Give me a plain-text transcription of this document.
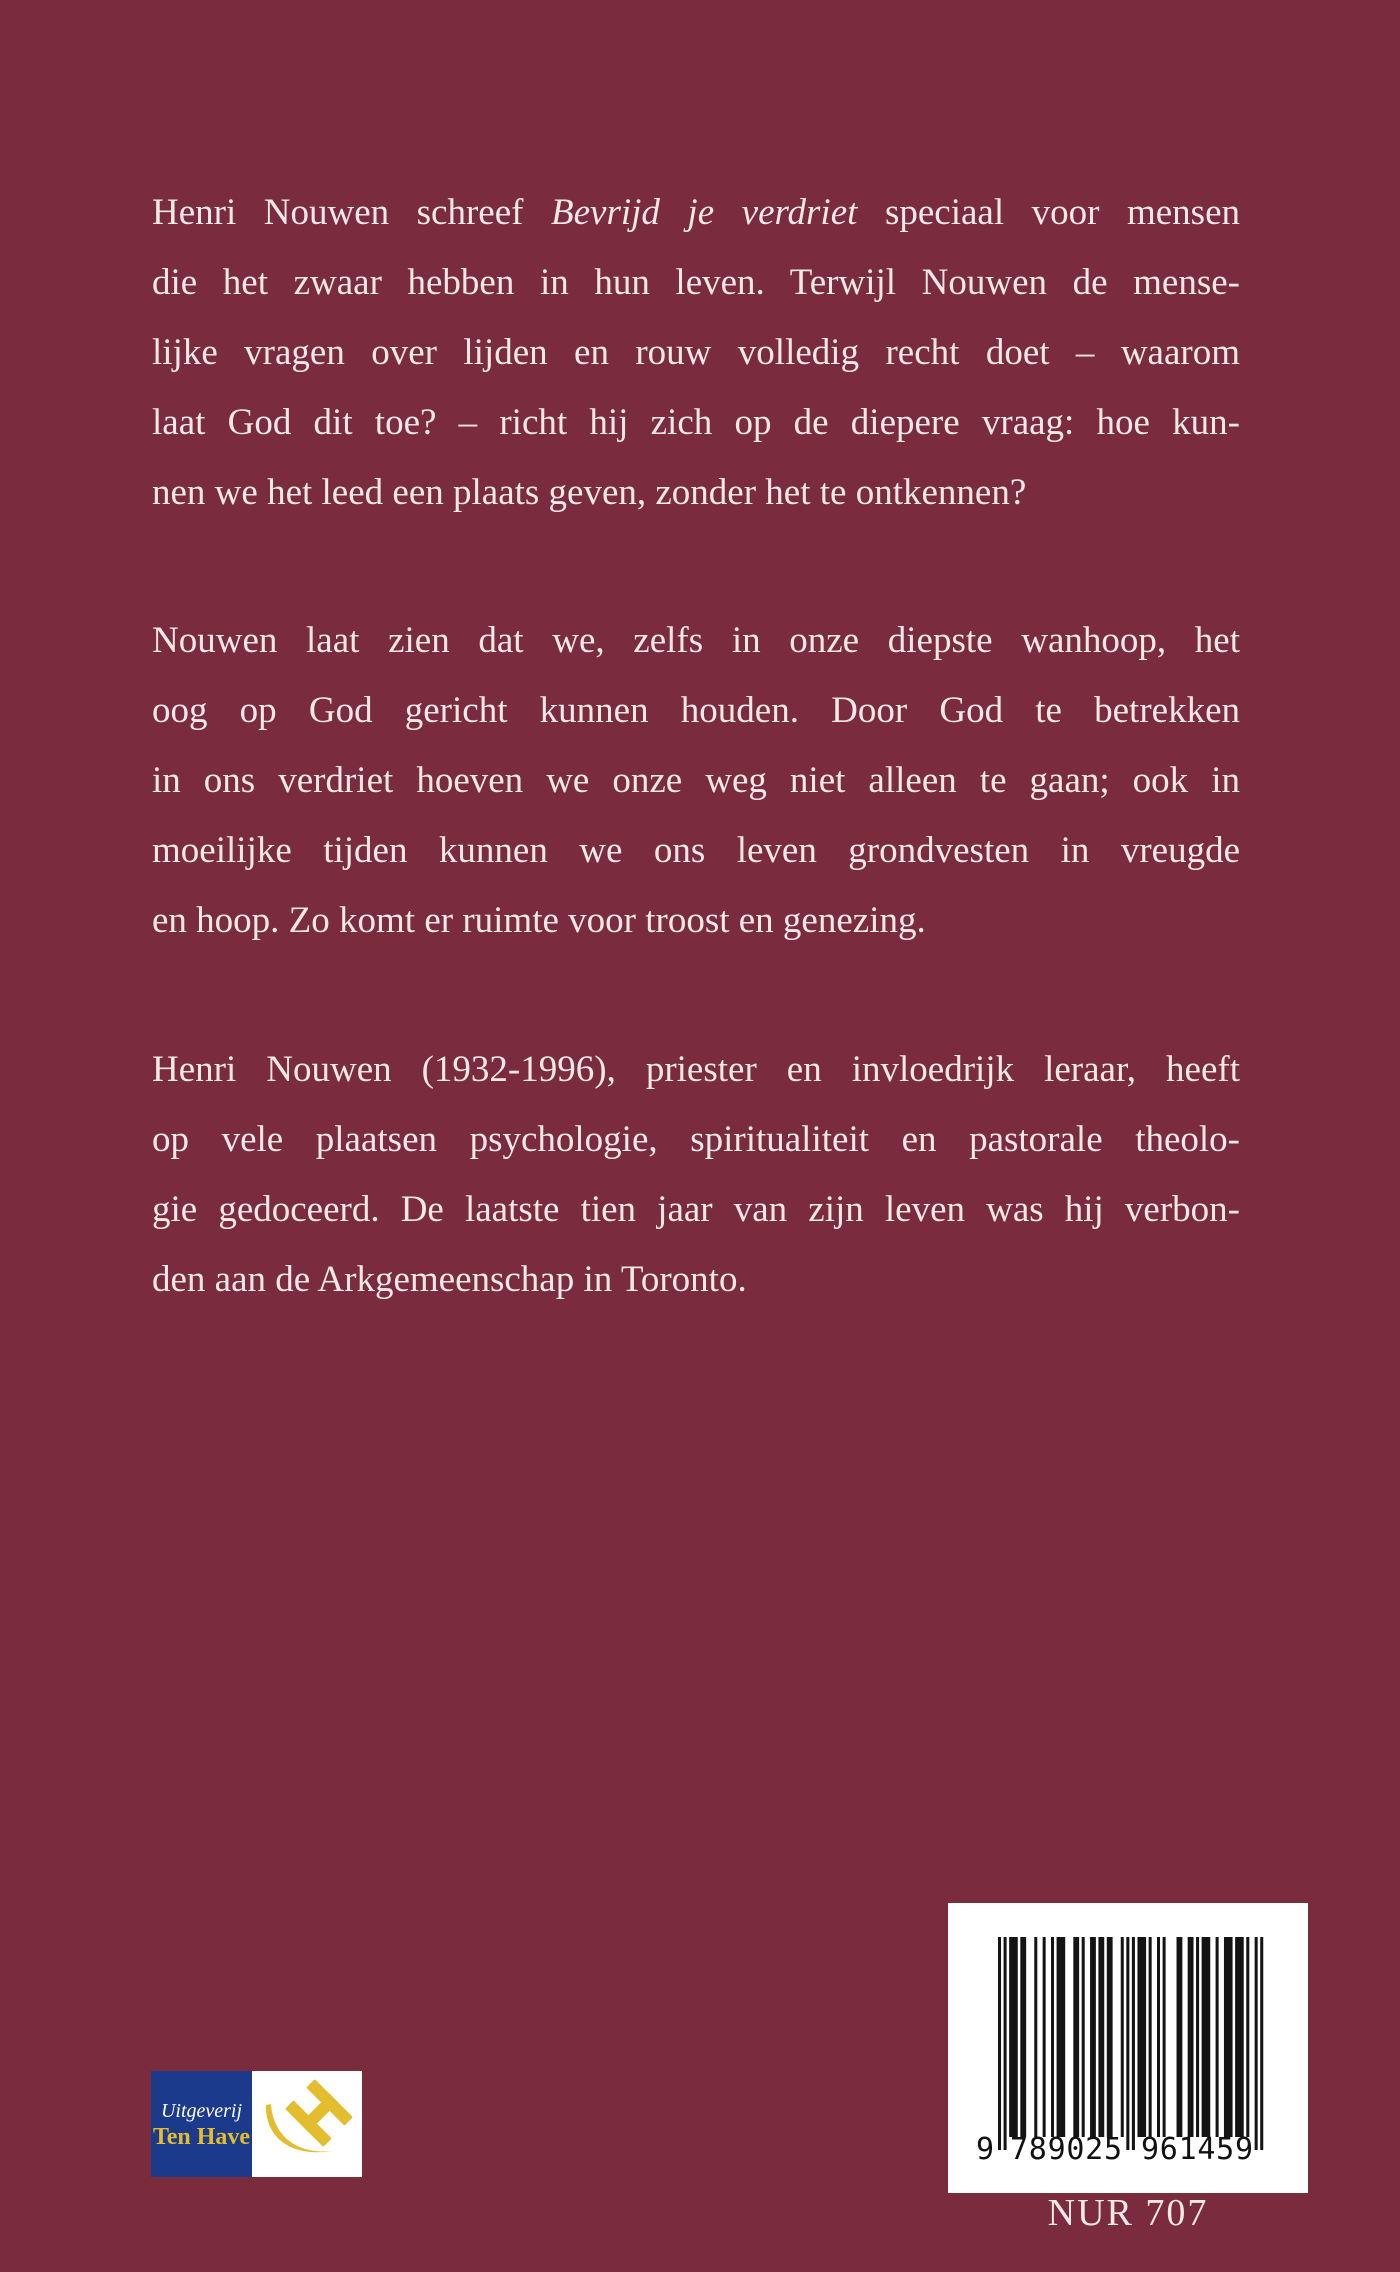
Henri Nouwen schreef Bevrijd je verdriet speciaal voor mensen
die het zwaar hebben in hun leven. Terwijl Nouwen de mense-
lijke vragen over lijden en rouw volledig recht doet – waarom
laat God dit toe? – richt hij zich op de diepere vraag: hoe kun-
nen we het leed een plaats geven, zonder het te ontkennen?
Nouwen laat zien dat we, zelfs in onze diepste wanhoop, het
oog op God gericht kunnen houden. Door God te betrekken
in ons verdriet hoeven we onze weg niet alleen te gaan; ook in
moeilijke tijden kunnen we ons leven grondvesten in vreugde
en hoop. Zo komt er ruimte voor troost en genezing.
Henri Nouwen (1932-1996), priester en invloedrijk leraar, heeft
op vele plaatsen psychologie, spiritualiteit en pastorale theolo-
gie gedoceerd. De laatste tien jaar van zijn leven was hij verbon-
den aan de Arkgemeenschap in Toronto.
Uitgeverij
Ten Have	9 789025 961459
NUR 707
